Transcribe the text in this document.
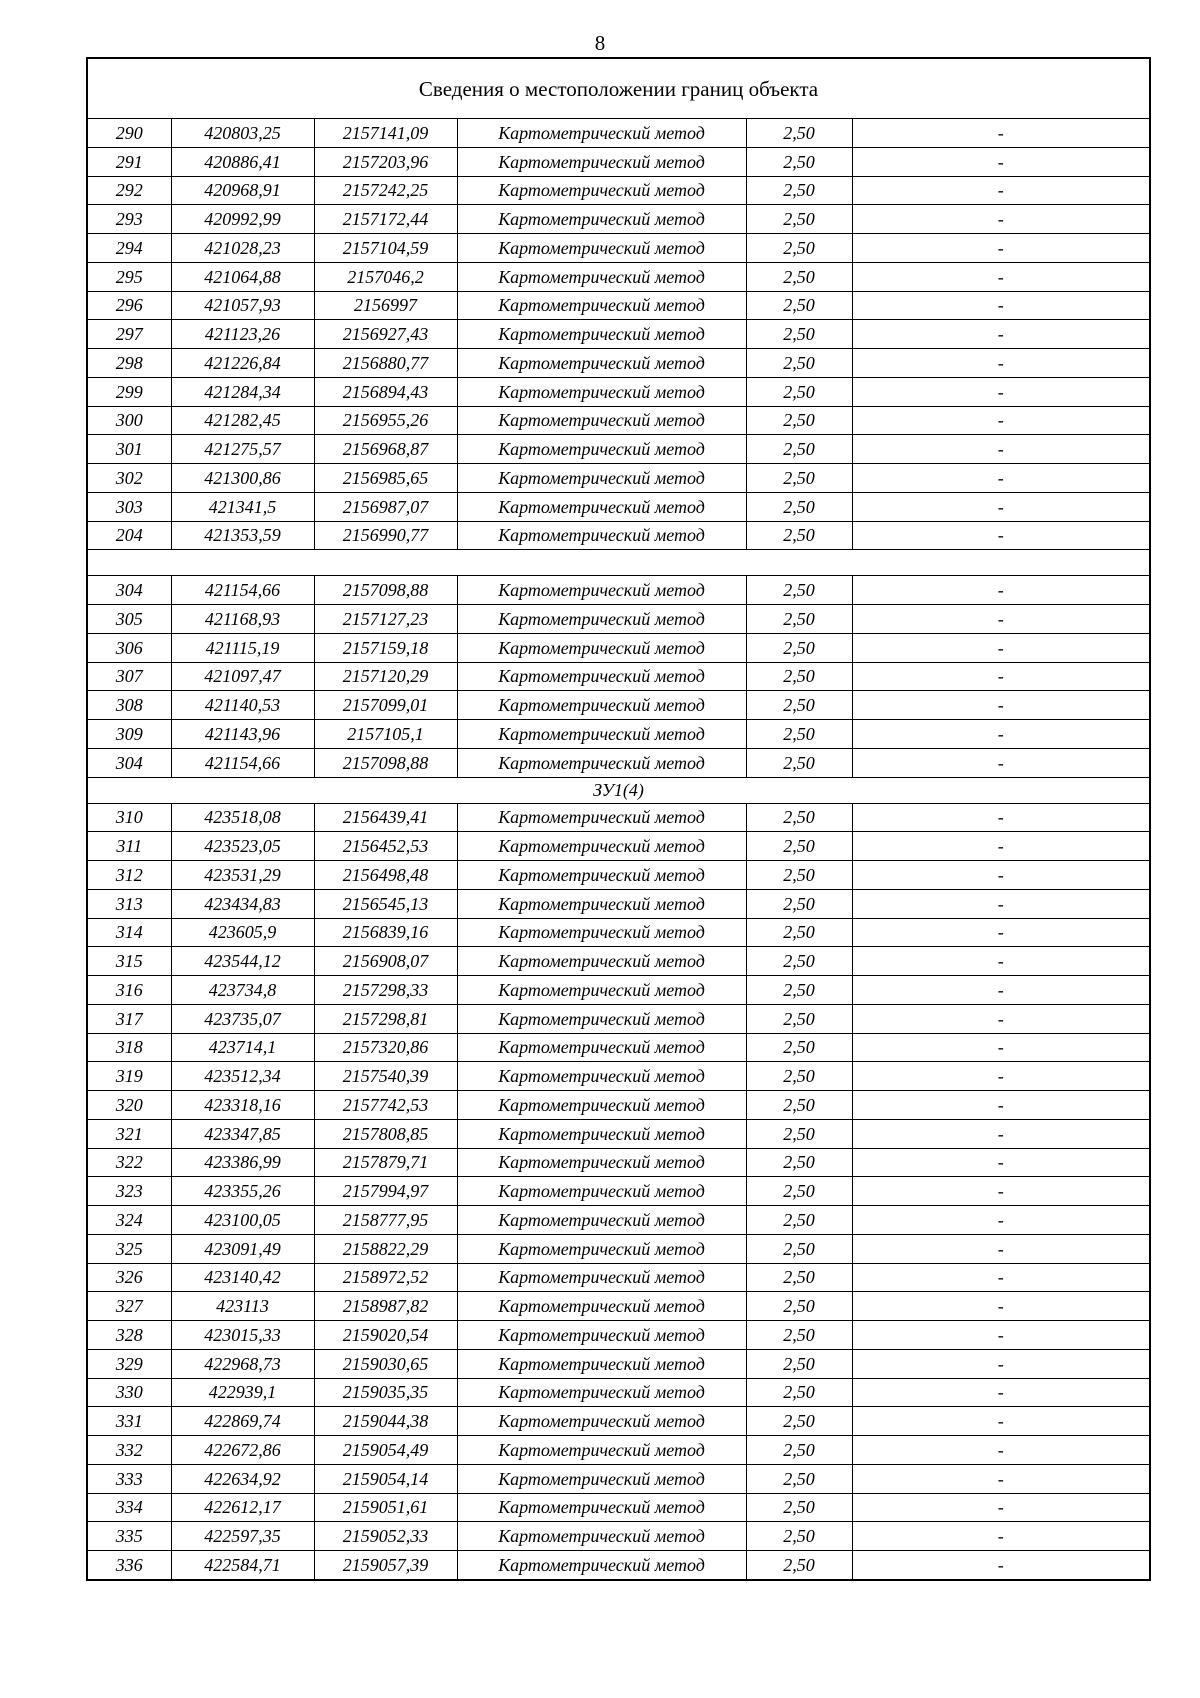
8
Сведения о местоположении границ объекта					
290	420803,25	2157141,09	Картометрический метод	2,50	-
291	420886,41	2157203,96	Картометрический метод	2,50	-
292	420968,91	2157242,25	Картометрический метод	2,50	-
293	420992,99	2157172,44	Картометрический метод	2,50	-
294	421028,23	2157104,59	Картометрический метод	2,50	-
295	421064,88	2157046,2	Картометрический метод	2,50	-
296	421057,93	2156997	Картометрический метод	2,50	-
297	421123,26	2156927,43	Картометрический метод	2,50	-
298	421226,84	2156880,77	Картометрический метод	2,50	-
299	421284,34	2156894,43	Картометрический метод	2,50	-
300	421282,45	2156955,26	Картометрический метод	2,50	-
301	421275,57	2156968,87	Картометрический метод	2,50	-
302	421300,86	2156985,65	Картометрический метод	2,50	-
303	421341,5	2156987,07	Картометрический метод	2,50	-
204	421353,59	2156990,77	Картометрический метод	2,50	-

304	421154,66	2157098,88	Картометрический метод	2,50	-
305	421168,93	2157127,23	Картометрический метод	2,50	-
306	421115,19	2157159,18	Картометрический метод	2,50	-
307	421097,47	2157120,29	Картометрический метод	2,50	-
308	421140,53	2157099,01	Картометрический метод	2,50	-
309	421143,96	2157105,1	Картометрический метод	2,50	-
304	421154,66	2157098,88	Картометрический метод	2,50	-
ЗУ1(4)					
310	423518,08	2156439,41	Картометрический метод	2,50	-
311	423523,05	2156452,53	Картометрический метод	2,50	-
312	423531,29	2156498,48	Картометрический метод	2,50	-
313	423434,83	2156545,13	Картометрический метод	2,50	-
314	423605,9	2156839,16	Картометрический метод	2,50	-
315	423544,12	2156908,07	Картометрический метод	2,50	-
316	423734,8	2157298,33	Картометрический метод	2,50	-
317	423735,07	2157298,81	Картометрический метод	2,50	-
318	423714,1	2157320,86	Картометрический метод	2,50	-
319	423512,34	2157540,39	Картометрический метод	2,50	-
320	423318,16	2157742,53	Картометрический метод	2,50	-
321	423347,85	2157808,85	Картометрический метод	2,50	-
322	423386,99	2157879,71	Картометрический метод	2,50	-
323	423355,26	2157994,97	Картометрический метод	2,50	-
324	423100,05	2158777,95	Картометрический метод	2,50	-
325	423091,49	2158822,29	Картометрический метод	2,50	-
326	423140,42	2158972,52	Картометрический метод	2,50	-
327	423113	2158987,82	Картометрический метод	2,50	-
328	423015,33	2159020,54	Картометрический метод	2,50	-
329	422968,73	2159030,65	Картометрический метод	2,50	-
330	422939,1	2159035,35	Картометрический метод	2,50	-
331	422869,74	2159044,38	Картометрический метод	2,50	-
332	422672,86	2159054,49	Картометрический метод	2,50	-
333	422634,92	2159054,14	Картометрический метод	2,50	-
334	422612,17	2159051,61	Картометрический метод	2,50	-
335	422597,35	2159052,33	Картометрический метод	2,50	-
336	422584,71	2159057,39	Картометрический метод	2,50	-
